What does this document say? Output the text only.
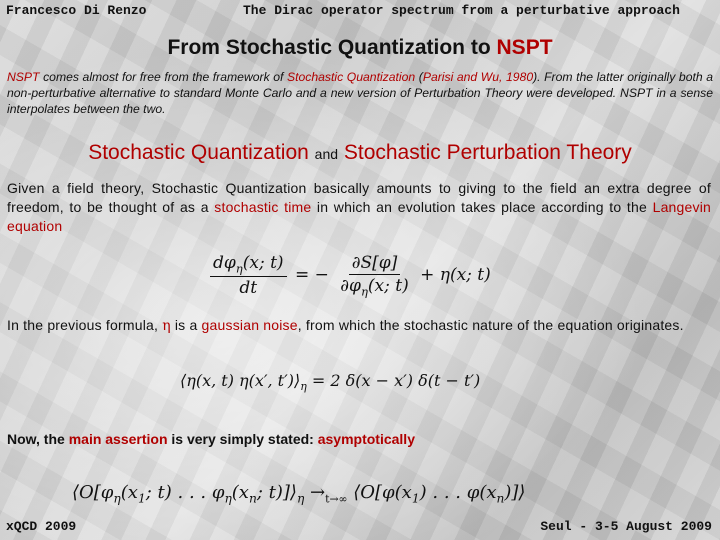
Francesco Di Renzo	The Dirac operator spectrum from a perturbative approach
From Stochastic Quantization to NSPT
NSPT comes almost for free from the framework of Stochastic Quantization (Parisi and Wu, 1980). From the latter originally both a non-perturbative alternative to standard Monte Carlo and a new version of Perturbation Theory were developed. NSPT in a sense interpolates between the two.
Stochastic Quantization and Stochastic Perturbation Theory
Given a field theory, Stochastic Quantization basically amounts to giving to the field an extra degree of freedom, to be thought of as a stochastic time in which an evolution takes place according to the Langevin equation
$\frac{d\varphi_\eta(x; t)}{dt}$ = − $\frac{\partial S[\varphi]}{\partial\varphi_\eta(x; t)} + \eta(x$; t)
In the previous formula, η is a gaussian noise, from which the stochastic nature of the equation originates.
⟨η(x, t) η(x′, $t')⟩_\eta = 2$ δ(x − x′) δ(t − t′)
Now, the main assertion is very simply stated: asymptotically
$⟨O[\varphi_\eta(x_1$; t) . . . $\varphi_\eta(x_n$; $t)]⟩_\eta \to_{t\to\infty}$ $⟨O[\varphi(x_1)$ . . . $\varphi(x_n)]⟩$
xQCD 2009	Seul - 3-5 August 2009
